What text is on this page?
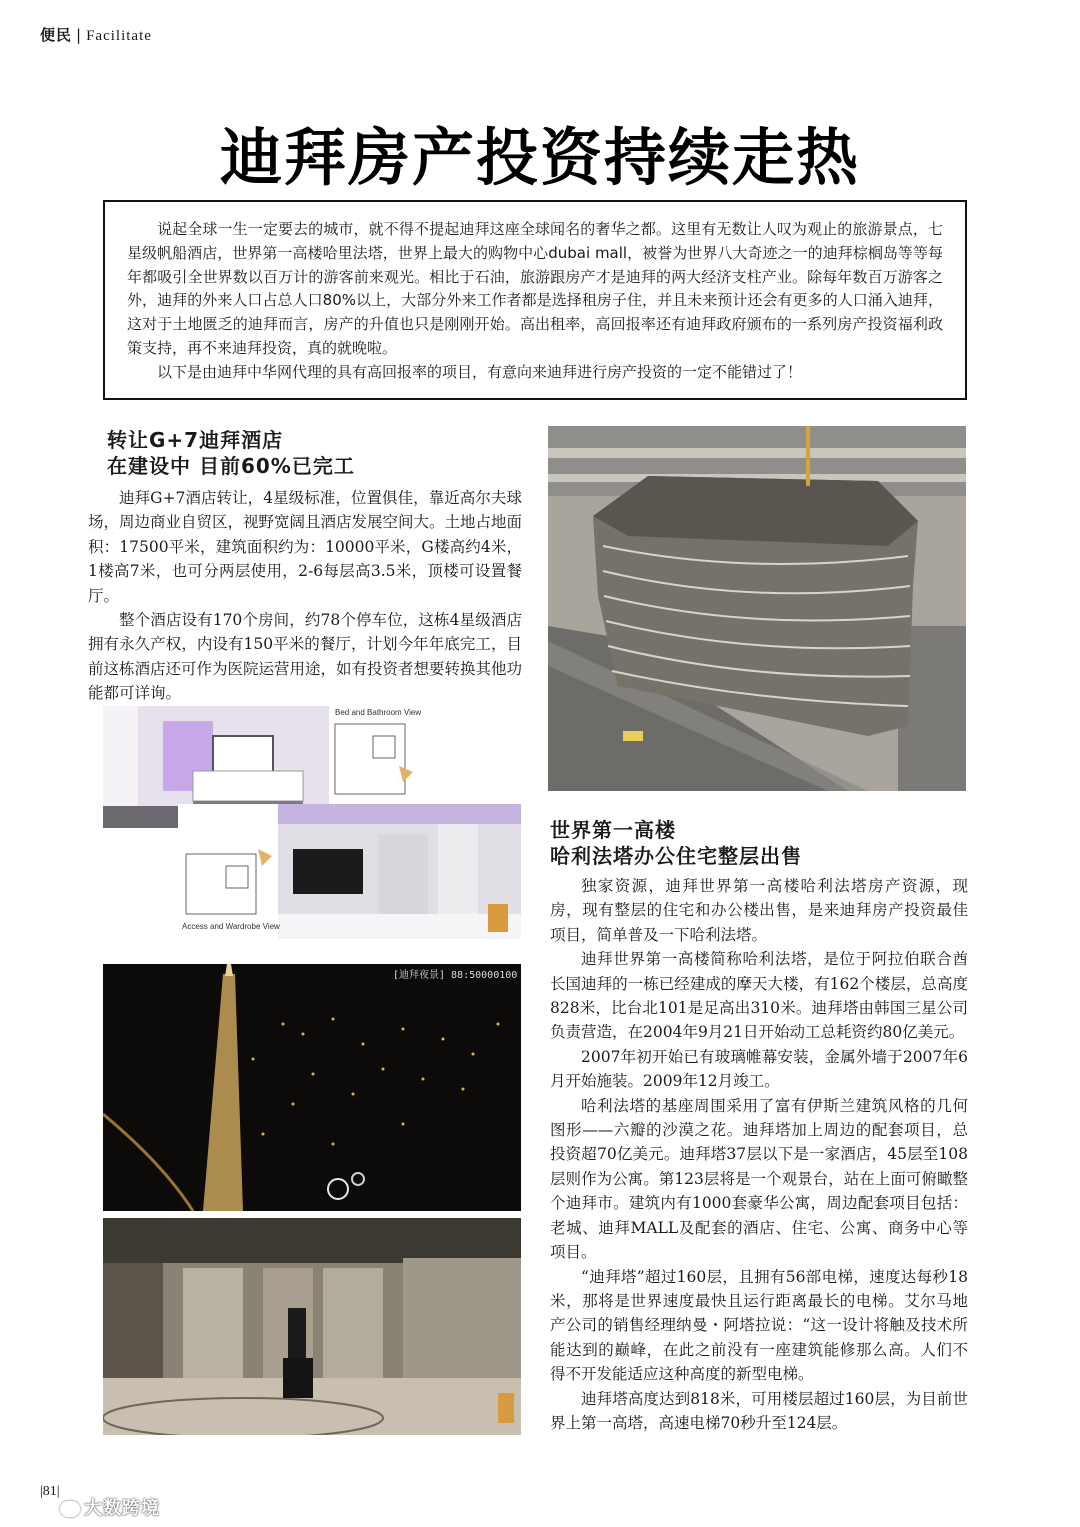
便民 | Facilitate
迪拜房产投资持续走热

说起全球一生一定要去的城市，就不得不提起迪拜这座全球闻名的奢华之都。这里有无数让人叹为观止的旅游景点，七星级帆船酒店，世界第一高楼哈里法塔，世界上最大的购物中心dubai mall，被誉为世界八大奇迹之一的迪拜棕榈岛等等每年都吸引全世界数以百万计的游客前来观光。相比于石油，旅游跟房产才是迪拜的两大经济支柱产业。除每年数百万游客之外，迪拜的外来人口占总人口80%以上，大部分外来工作者都是选择租房子住，并且未来预计还会有更多的人口涌入迪拜，这对于土地匮乏的迪拜而言，房产的升值也只是刚刚开始。高出租率，高回报率还有迪拜政府颁布的一系列房产投资福利政策支持，再不来迪拜投资，真的就晚啦。

以下是由迪拜中华网代理的具有高回报率的项目，有意向来迪拜进行房产投资的一定不能错过了！

转让G+7迪拜酒店
在建设中 目前60%已完工

迪拜G+7酒店转让，4星级标准，位置俱佳，靠近高尔夫球场，周边商业自贸区，视野宽阔且酒店发展空间大。土地占地面积：17500平米，建筑面积约为：10000平米，G楼高约4米，1楼高7米，也可分两层使用，2-6每层高3.5米，顶楼可设置餐厅。

整个酒店设有170个房间，约78个停车位，这栋4星级酒店拥有永久产权，内设有150平米的餐厅，计划今年年底完工，目前这栋酒店还可作为医院运营用途，如有投资者想要转换其他功能都可详询。

Bed and Bathroom View
Access and Wardrobe View
[迪拜夜景] 88:50000100
世界第一高楼
哈利法塔办公住宅整层出售

独家资源，迪拜世界第一高楼哈利法塔房产资源，现房，现有整层的住宅和办公楼出售，是来迪拜房产投资最佳项目，简单普及一下哈利法塔。

迪拜世界第一高楼简称哈利法塔，是位于阿拉伯联合酋长国迪拜的一栋已经建成的摩天大楼，有162个楼层，总高度828米，比台北101是足高出310米。迪拜塔由韩国三星公司负责营造，在2004年9月21日开始动工总耗资约80亿美元。

2007年初开始已有玻璃帷幕安装，金属外墙于2007年6月开始施装。2009年12月竣工。

哈利法塔的基座周围采用了富有伊斯兰建筑风格的几何图形——六瓣的沙漠之花。迪拜塔加上周边的配套项目，总投资超70亿美元。迪拜塔37层以下是一家酒店，45层至108层则作为公寓。第123层将是一个观景台，站在上面可俯瞰整个迪拜市。建筑内有1000套豪华公寓，周边配套项目包括：老城、迪拜MALL及配套的酒店、住宅、公寓、商务中心等项目。

“迪拜塔”超过160层，且拥有56部电梯，速度达每秒18米，那将是世界速度最快且运行距离最长的电梯。艾尔马地产公司的销售经理纳曼・阿塔拉说：“这一设计将触及技术所能达到的巅峰，在此之前没有一座建筑能修那么高。人们不得不开发能适应这种高度的新型电梯。

迪拜塔高度达到818米，可用楼层超过160层，为目前世界上第一高塔，高速电梯70秒升至124层。

|81|
大数跨境
